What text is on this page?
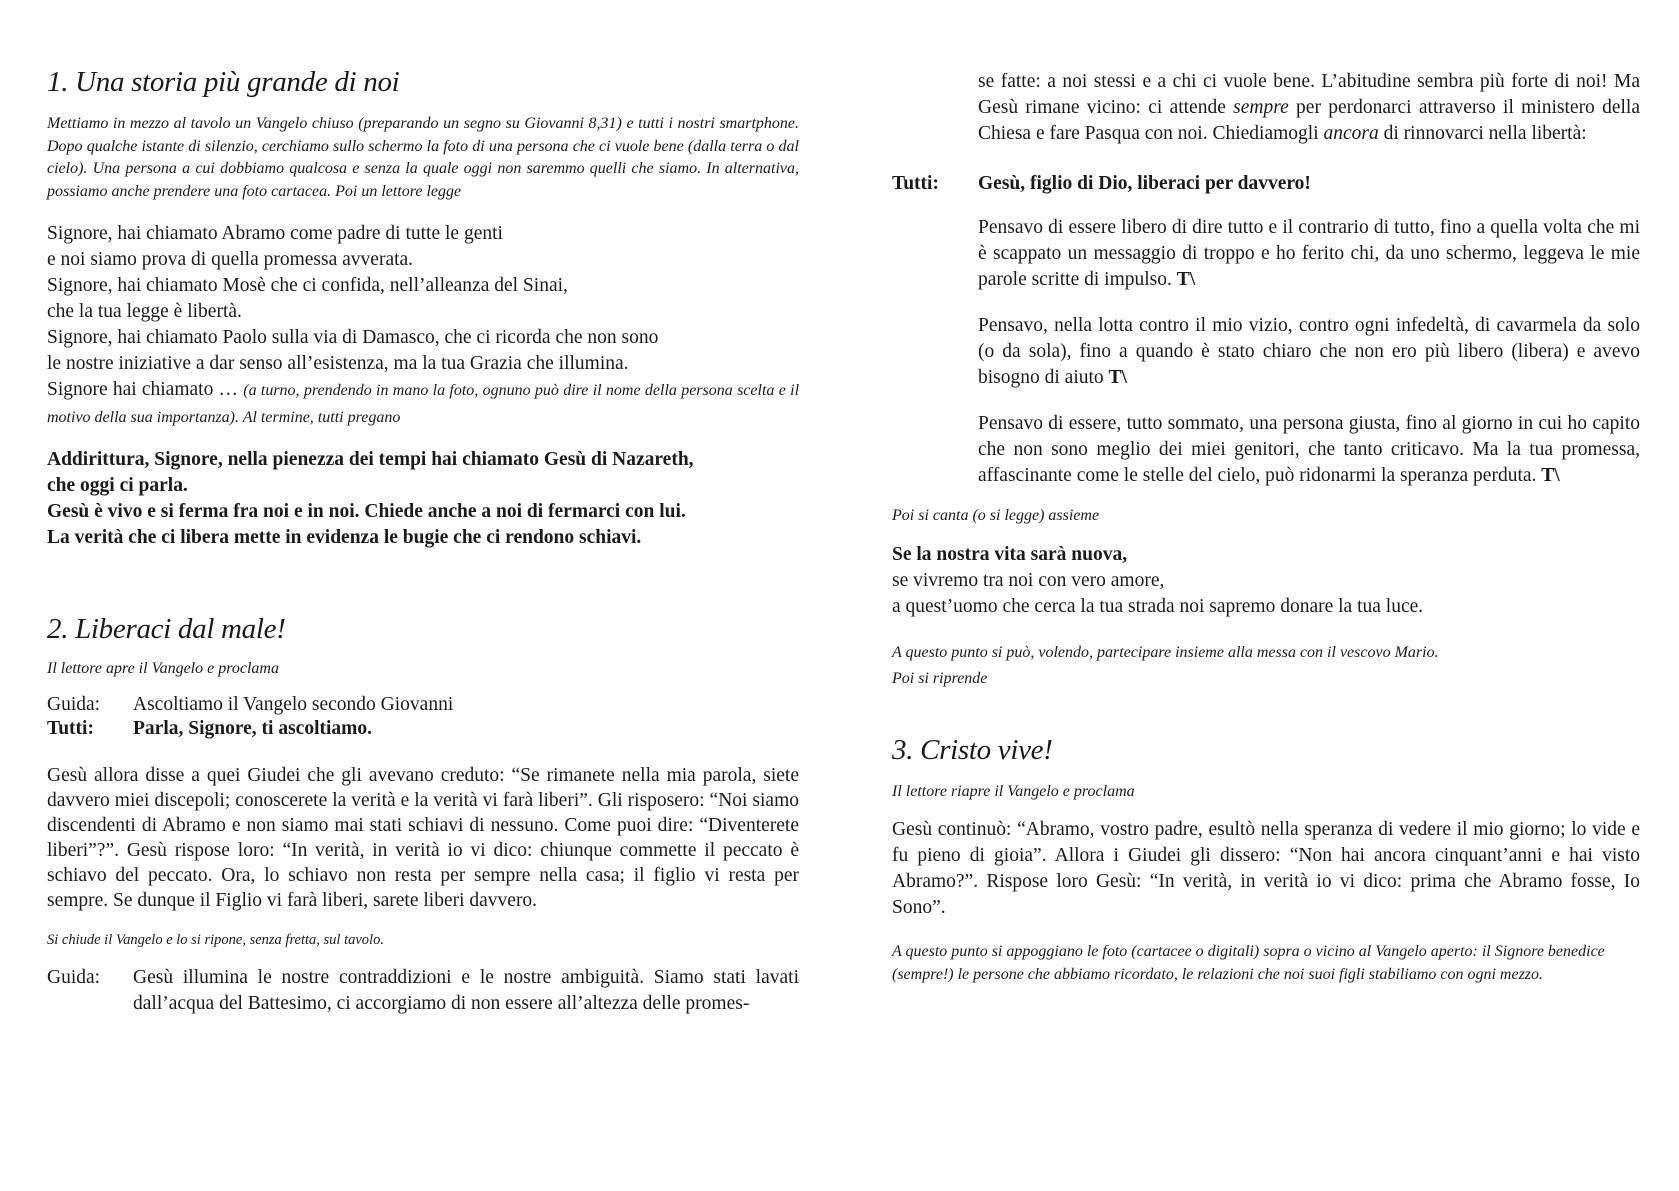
1. Una storia più grande di noi

Mettiamo in mezzo al tavolo un Vangelo chiuso (preparando un segno su Giovanni 8,31) e tutti i nostri smartphone. Dopo qualche istante di silenzio, cerchiamo sullo schermo la foto di una persona che ci vuole bene (dalla terra o dal cielo). Una persona a cui dobbiamo qualcosa e senza la quale oggi non saremmo quelli che siamo. In alternativa, possiamo anche prendere una foto cartacea. Poi un lettore legge

Signore, hai chiamato Abramo come padre di tutte le genti
e noi siamo prova di quella promessa avverata.
Signore, hai chiamato Mosè che ci confida, nell’alleanza del Sinai,
che la tua legge è libertà.
Signore, hai chiamato Paolo sulla via di Damasco, che ci ricorda che non sono
le nostre iniziative a dar senso all’esistenza, ma la tua Grazia che illumina.
Signore hai chiamato … (a turno, prendendo in mano la foto, ognuno può dire il nome della persona scelta e il motivo della sua importanza). Al termine, tutti pregano
Addirittura, Signore, nella pienezza dei tempi hai chiamato Gesù di Nazareth,
che oggi ci parla.
Gesù è vivo e si ferma fra noi e in noi. Chiede anche a noi di fermarci con lui.
La verità che ci libera mette in evidenza le bugie che ci rendono schiavi.
2. Liberaci dal male!

Il lettore apre il Vangelo e proclama

Guida:	Ascoltiamo il Vangelo secondo Giovanni
Tutti:	Parla, Signore, ti ascoltiamo.

Gesù allora disse a quei Giudei che gli avevano creduto: “Se rimanete nella mia parola, siete davvero miei discepoli; conoscerete la verità e la verità vi farà liberi”. Gli risposero: “Noi siamo discendenti di Abramo e non siamo mai stati schiavi di nessuno. Come puoi dire: “Diventerete liberi”?”. Gesù rispose loro: “In verità, in verità io vi dico: chiunque commette il peccato è schiavo del peccato. Ora, lo schiavo non resta per sempre nella casa; il figlio vi resta per sempre. Se dunque il Figlio vi farà liberi, sarete liberi davvero.

Si chiude il Vangelo e lo si ripone, senza fretta, sul tavolo.

Guida:	Gesù illumina le nostre contraddizioni e le nostre ambiguità. Siamo stati lavati dall’acqua del Battesimo, ci accorgiamo di non essere all’altezza delle promes-
se fatte: a noi stessi e a chi ci vuole bene. L’abitudine sembra più forte di noi! Ma Gesù rimane vicino: ci attende sempre per perdonarci attraverso il ministero della Chiesa e fare Pasqua con noi. Chiediamogli ancora di rinnovarci nella libertà:
Tutti:	Gesù, figlio di Dio, liberaci per davvero!

Pensavo di essere libero di dire tutto e il contrario di tutto, fino a quella volta che mi è scappato un messaggio di troppo e ho ferito chi, da uno schermo, leggeva le mie parole scritte di impulso. T\

Pensavo, nella lotta contro il mio vizio, contro ogni infedeltà, di cavarmela da solo (o da sola), fino a quando è stato chiaro che non ero più libero (libera) e avevo bisogno di aiuto T\

Pensavo di essere, tutto sommato, una persona giusta, fino al giorno in cui ho capito che non sono meglio dei miei genitori, che tanto criticavo. Ma la tua promessa, affascinante come le stelle del cielo, può ridonarmi la speranza perduta. T\

Poi si canta (o si legge) assieme

Se la nostra vita sarà nuova,
se vivremo tra noi con vero amore,
a quest’uomo che cerca la tua strada noi sapremo donare la tua luce.
A questo punto si può, volendo, partecipare insieme alla messa con il vescovo Mario.
Poi si riprende
3. Cristo vive!

Il lettore riapre il Vangelo e proclama

Gesù continuò: “Abramo, vostro padre, esultò nella speranza di vedere il mio giorno; lo vide e fu pieno di gioia”. Allora i Giudei gli dissero: “Non hai ancora cinquant’anni e hai visto Abramo?”. Rispose loro Gesù: “In verità, in verità io vi dico: prima che Abramo fosse, Io Sono”.

A questo punto si appoggiano le foto (cartacee o digitali) sopra o vicino al Vangelo aperto: il Signore benedice (sempre!) le persone che abbiamo ricordato, le relazioni che noi suoi figli stabiliamo con ogni mezzo.
